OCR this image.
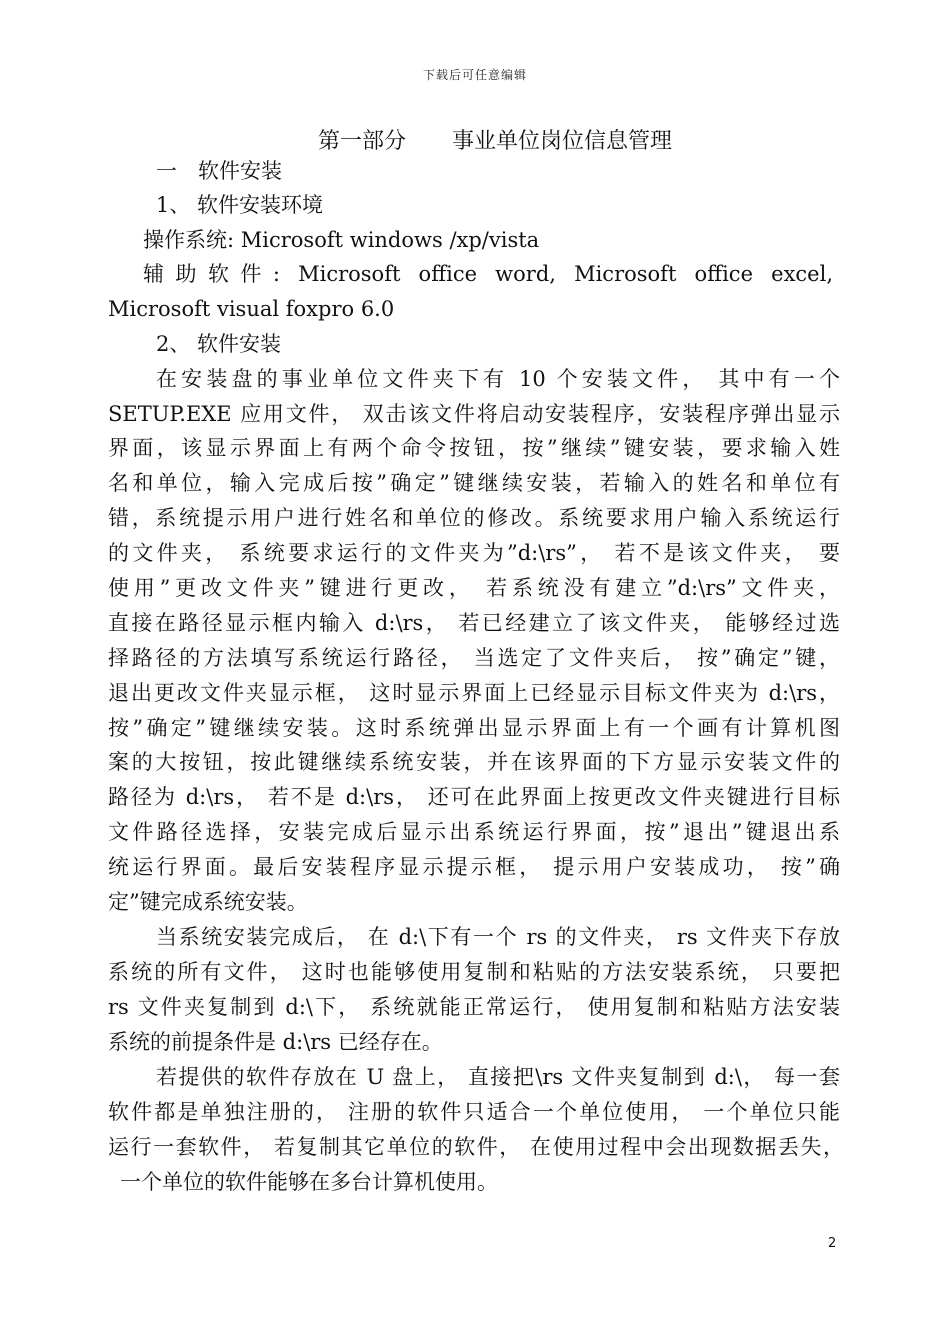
下载后可任意编辑
第一部分 事业单位岗位信息管理
一　软件安装
1、 软件安装环境
操作系统: Microsoft windows /xp/vista
辅助软件: Microsoft office word, Microsoft office excel,
Microsoft visual foxpro 6.0
2、 软件安装
在安装盘的事业单位文件夹下有 10 个安装文件， 其中有一个
SETUP.EXE 应用文件， 双击该文件将启动安装程序，安装程序弹出显示
界面，该显示界面上有两个命令按钮，按”继续”键安装，要求输入姓
名和单位，输入完成后按”确定”键继续安装，若输入的姓名和单位有
错，系统提示用户进行姓名和单位的修改。系统要求用户输入系统运行
的文件夹， 系统要求运行的文件夹为”d:\rs”， 若不是该文件夹， 要
使用”更改文件夹”键进行更改， 若系统没有建立”d:\rs”文件夹，
直接在路径显示框内输入 d:\rs， 若已经建立了该文件夹， 能够经过选
择路径的方法填写系统运行路径， 当选定了文件夹后， 按”确定”键，
退出更改文件夹显示框， 这时显示界面上已经显示目标文件夹为 d:\rs，
按”确定”键继续安装。这时系统弹出显示界面上有一个画有计算机图
案的大按钮，按此键继续系统安装，并在该界面的下方显示安装文件的
路径为 d:\rs， 若不是 d:\rs， 还可在此界面上按更改文件夹键进行目标
文件路径选择，安装完成后显示出系统运行界面，按”退出”键退出系
统运行界面。最后安装程序显示提示框， 提示用户安装成功， 按”确
定”键完成系统安装。
当系统安装完成后， 在 d:\下有一个 rs 的文件夹， rs 文件夹下存放
系统的所有文件， 这时也能够使用复制和粘贴的方法安装系统， 只要把
rs 文件夹复制到 d:\下， 系统就能正常运行， 使用复制和粘贴方法安装
系统的前提条件是 d:\rs 已经存在。
若提供的软件存放在 U 盘上， 直接把\rs 文件夹复制到 d:\， 每一套
软件都是单独注册的， 注册的软件只适合一个单位使用， 一个单位只能
运行一套软件， 若复制其它单位的软件， 在使用过程中会出现数据丢失，
一个单位的软件能够在多台计算机使用。
2
